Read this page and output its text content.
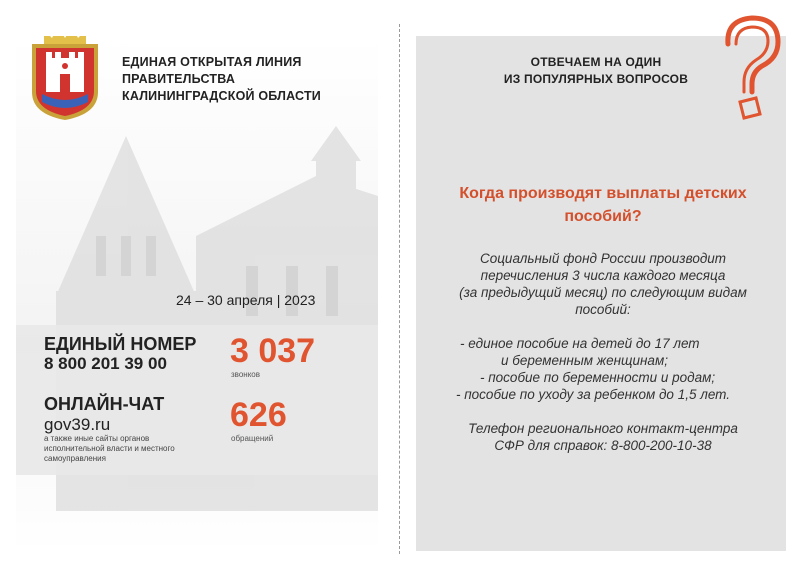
ЕДИНАЯ ОТКРЫТАЯ ЛИНИЯ
ПРАВИТЕЛЬСТВА
КАЛИНИНГРАДСКОЙ ОБЛАСТИ
24 – 30 апреля | 2023
ЕДИНЫЙ НОМЕР
8 800 201 39 00 3 037
звонков
ОНЛАЙН-ЧАТ
gov39.ru
а также иные сайты органов
исполнительной власти и местного
самоуправления
626
обращений
ОТВЕЧАЕМ НА ОДИН
ИЗ ПОПУЛЯРНЫХ ВОПРОСОВ
Когда производят выплаты детских
пособий?
Социальный фонд России производит
перечисления 3 числа каждого месяца
(за предыдущий месяц) по следующим видам
пособий:
- единое пособие на детей до 17 лет
и беременным женщинам;
- пособие по беременности и родам;
- пособие по уходу за ребенком до 1,5 лет.
Телефон регионального контакт-центра
СФР для справок: 8-800-200-10-38
